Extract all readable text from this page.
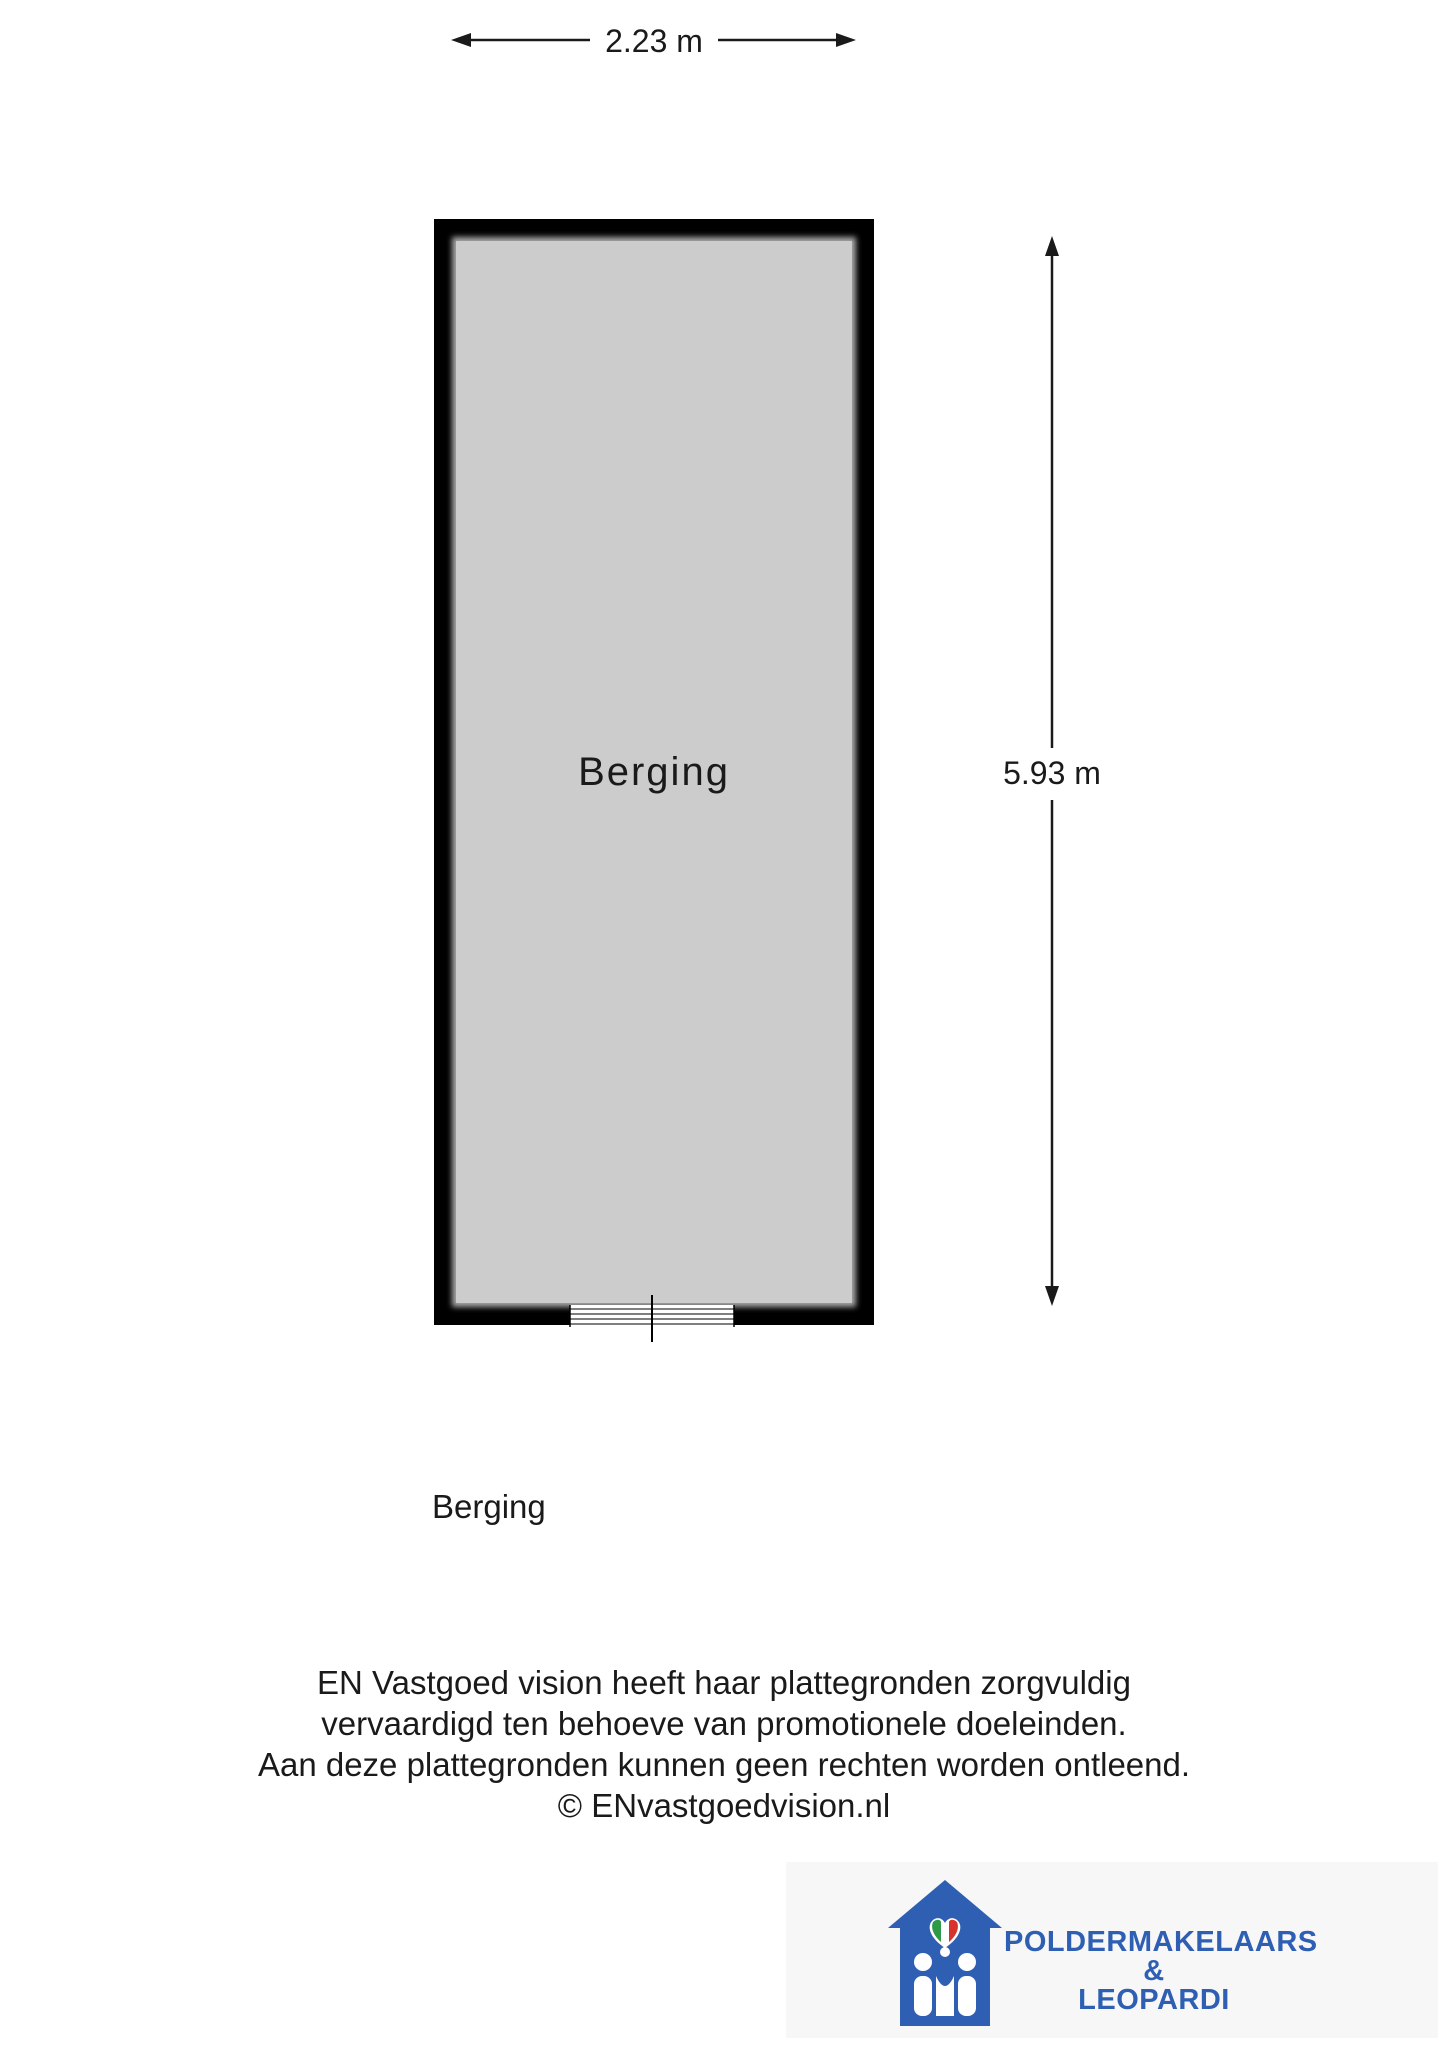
2.23 m
5.93 m
Berging
Berging
EN Vastgoed vision heeft haar plattegronden zorgvuldig
vervaardigd ten behoeve van promotionele doeleinden.
Aan deze plattegronden kunnen geen rechten worden ontleend.
© ENvastgoedvision.nl
POLDERMAKELAARS
&
LEOPARDI
